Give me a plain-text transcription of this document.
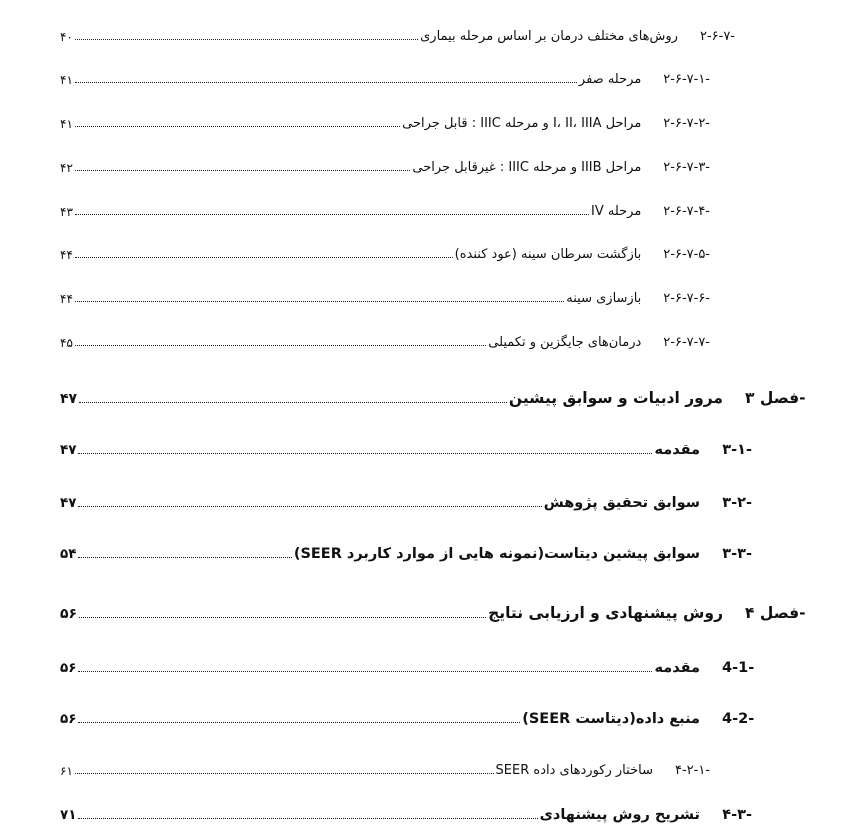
۲-۶-۷-
روش‌های مختلف درمان بر اساس مرحله بیماری
۴۰
۲-۶-۷-۱-
مرحله صفر
۴۱
۲-۶-۷-۲-
مراحل I، II، IIIA و مرحله IIIC : قابل جراحی
۴۱
۲-۶-۷-۳-
مراحل IIIB و مرحله IIIC : غیرقابل جراحی
۴۲
۲-۶-۷-۴-
مرحله IV
۴۳
۲-۶-۷-۵-
بازگشت سرطان سینه (عود کننده)
۴۴
۲-۶-۷-۶-
بازسازی سینه
۴۴
۲-۶-۷-۷-
درمان‌های جایگزین و تکمیلی
۴۵
فصل ۳-
مرور ادبیات و سوابق پیشین
۴۷
۳-۱-
مقدمه
۴۷
۳-۲-
سوابق تحقیق پژوهش
۴۷
۳-۳-
سوابق پیشین دیتاست(نمونه هایی از موارد کاربرد SEER)
۵۴
فصل ۴-
روش پیشنهادی و ارزیابی نتایج
۵۶
4-1-
مقدمه
۵۶
4-2-
منبع داده(دیتاست SEER)
۵۶
۴-۲-۱-
ساختار رکوردهای داده SEER
۶۱
۴-۳-
تشریح روش پیشنهادی
۷۱
